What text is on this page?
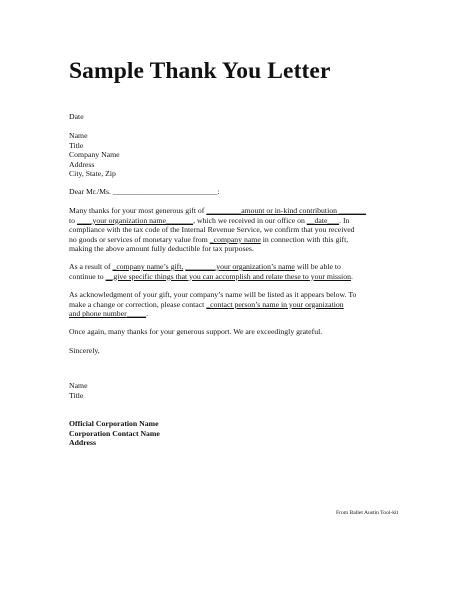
Sample Thank You Letter
Date
Name
Title
Company Name
Address
City, State, Zip
Dear Mr./Ms. ___________________________:
Many thanks for your most generous gift of _________amount or in-kind contribution _______
to ____your organization name_______, which we received in our office on __date___. In
compliance with the tax code of the Internal Revenue Service, we confirm that you received
no goods or services of monetary value from _company name in connection with this gift,
making the above amount fully deductible for tax purposes.
As a result of _company name’s gift, ________your organization’s name will be able to
continue to __give specific things that you can accomplish and relate these to your mission.
As acknowledgment of your gift, your company’s name will be listed as it appears below. To
make a change or correction, please contact _contact person’s name in your organization
and phone number_____.
Once again, many thanks for your generous support. We are exceedingly grateful.
Sincerely,
Name
Title
Official Corporation Name
Corporation Contact Name
Address
From Ballet Austin Tool-kit
